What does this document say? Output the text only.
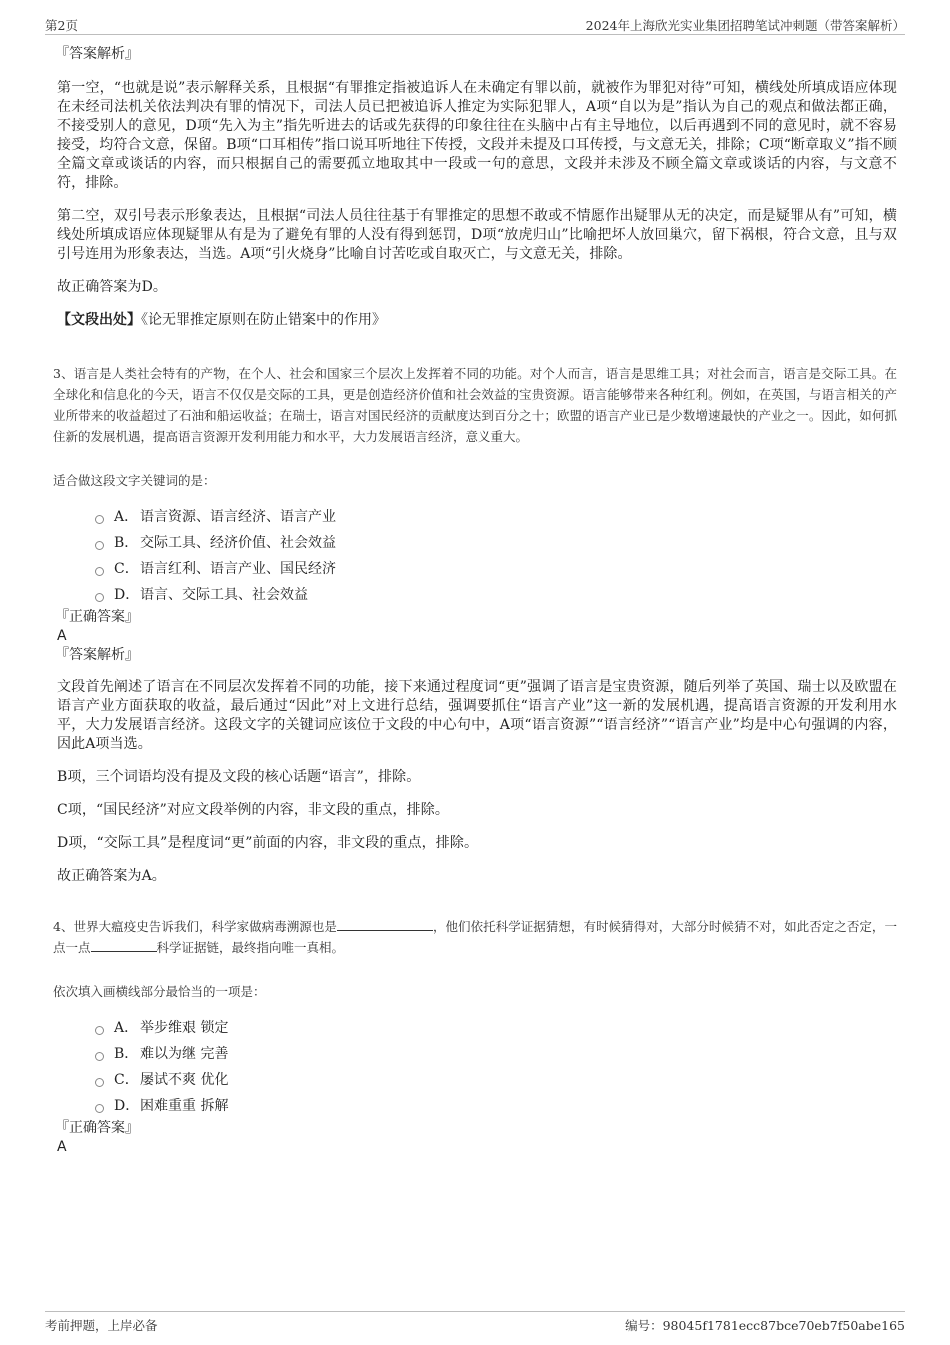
第2页	2024年上海欣光实业集团招聘笔试冲刺题（带答案解析）
『答案解析』

第一空，“也就是说”表示解释关系，且根据“有罪推定指被追诉人在未确定有罪以前，就被作为罪犯对待”可知，横线处所填成语应体现在未经司法机关依法判决有罪的情况下，司法人员已把被追诉人推定为实际犯罪人，A项“自以为是”指认为自己的观点和做法都正确，不接受别人的意见，D项“先入为主”指先听进去的话或先获得的印象往往在头脑中占有主导地位，以后再遇到不同的意见时，就不容易接受，均符合文意，保留。B项“口耳相传”指口说耳听地往下传授，文段并未提及口耳传授，与文意无关，排除；C项“断章取义”指不顾全篇文章或谈话的内容，而只根据自己的需要孤立地取其中一段或一句的意思，文段并未涉及不顾全篇文章或谈话的内容，与文意不符，排除。

第二空，双引号表示形象表达，且根据“司法人员往往基于有罪推定的思想不敢或不情愿作出疑罪从无的决定，而是疑罪从有”可知，横线处所填成语应体现疑罪从有是为了避免有罪的人没有得到惩罚，D项“放虎归山”比喻把坏人放回巢穴，留下祸根，符合文意，且与双引号连用为形象表达，当选。A项“引火烧身”比喻自讨苦吃或自取灭亡，与文意无关，排除。

故正确答案为D。

【文段出处】《论无罪推定原则在防止错案中的作用》

3、语言是人类社会特有的产物，在个人、社会和国家三个层次上发挥着不同的功能。对个人而言，语言是思维工具；对社会而言，语言是交际工具。在全球化和信息化的今天，语言不仅仅是交际的工具，更是创造经济价值和社会效益的宝贵资源。语言能够带来各种红利。例如，在英国，与语言相关的产业所带来的收益超过了石油和船运收益；在瑞士，语言对国民经济的贡献度达到百分之十；欧盟的语言产业已是少数增速最快的产业之一。因此，如何抓住新的发展机遇，提高语言资源开发利用能力和水平，大力发展语言经济，意义重大。

适合做这段文字关键词的是：
A． 语言资源、语言经济、语言产业
B． 交际工具、经济价值、社会效益
C． 语言红利、语言产业、国民经济
D． 语言、交际工具、社会效益
『正确答案』
A
『答案解析』

文段首先阐述了语言在不同层次发挥着不同的功能，接下来通过程度词“更”强调了语言是宝贵资源，随后列举了英国、瑞士以及欧盟在语言产业方面获取的收益，最后通过“因此”对上文进行总结，强调要抓住“语言产业”这一新的发展机遇，提高语言资源的开发利用水平，大力发展语言经济。这段文字的关键词应该位于文段的中心句中，A项“语言资源”“语言经济”“语言产业”均是中心句强调的内容，因此A项当选。

B项，三个词语均没有提及文段的核心话题“语言”，排除。

C项，“国民经济”对应文段举例的内容，非文段的重点，排除。

D项，“交际工具”是程度词“更”前面的内容，非文段的重点，排除。

故正确答案为A。

4、世界大瘟疫史告诉我们，科学家做病毒溯源也是	，他们依托科学证据猜想，有时候猜得对，大部分时候猜不对，如此否定之否定，一点一点	科学证据链，最终指向唯一真相。

依次填入画横线部分最恰当的一项是：
A． 举步维艰 锁定
B． 难以为继 完善
C． 屡试不爽 优化
D． 困难重重 拆解
『正确答案』
A
考前押题，上岸必备	编号：98045f1781ecc87bce70eb7f50abe165
